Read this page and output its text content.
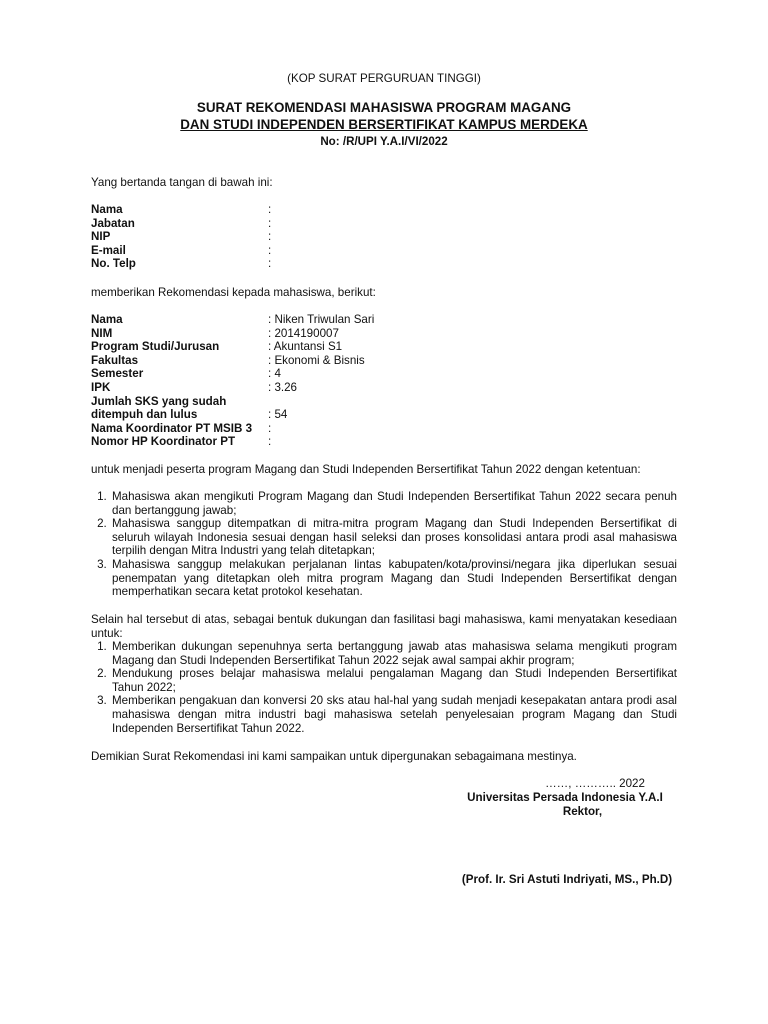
(KOP SURAT PERGURUAN TINGGI)
SURAT REKOMENDASI MAHASISWA PROGRAM MAGANG
DAN STUDI INDEPENDEN BERSERTIFIKAT KAMPUS MERDEKA
No: /R/UPI Y.A.I/VI/2022
Yang bertanda tangan di bawah ini:
Nama	:
Jabatan	:
NIP	:
E-mail	:
No. Telp	:
memberikan Rekomendasi kepada mahasiswa, berikut:
Nama	: Niken Triwulan Sari
NIM	: 2014190007
Program Studi/Jurusan	: Akuntansi S1
Fakultas	: Ekonomi & Bisnis
Semester	: 4
IPK	: 3.26
Jumlah SKS yang sudah
ditempuh dan lulus	: 54
Nama Koordinator PT MSIB 3	:
Nomor HP Koordinator PT	:
untuk menjadi peserta program Magang dan Studi Independen Bersertifikat Tahun 2022 dengan ketentuan:
1. Mahasiswa akan mengikuti Program Magang dan Studi Independen Bersertifikat Tahun 2022 secara penuh dan bertanggung jawab;
2. Mahasiswa sanggup ditempatkan di mitra-mitra program Magang dan Studi Independen Bersertifikat di seluruh wilayah Indonesia sesuai dengan hasil seleksi dan proses konsolidasi antara prodi asal mahasiswa terpilih dengan Mitra Industri yang telah ditetapkan;
3. Mahasiswa sanggup melakukan perjalanan lintas kabupaten/kota/provinsi/negara jika diperlukan sesuai penempatan yang ditetapkan oleh mitra program Magang dan Studi Independen Bersertifikat dengan memperhatikan secara ketat protokol kesehatan.
Selain hal tersebut di atas, sebagai bentuk dukungan dan fasilitasi bagi mahasiswa, kami menyatakan kesediaan untuk:
1. Memberikan dukungan sepenuhnya serta bertanggung jawab atas mahasiswa selama mengikuti program Magang dan Studi Independen Bersertifikat Tahun 2022 sejak awal sampai akhir program;
2. Mendukung proses belajar mahasiswa melalui pengalaman Magang dan Studi Independen Bersertifikat Tahun 2022;
3. Memberikan pengakuan dan konversi 20 sks atau hal-hal yang sudah menjadi kesepakatan antara prodi asal mahasiswa dengan mitra industri bagi mahasiswa setelah penyelesaian program Magang dan Studi Independen Bersertifikat Tahun 2022.
Demikian Surat Rekomendasi ini kami sampaikan untuk dipergunakan sebagaimana mestinya.
……, ……….. 2022
Universitas Persada Indonesia Y.A.I
Rektor,
(Prof. Ir. Sri Astuti Indriyati, MS., Ph.D)
